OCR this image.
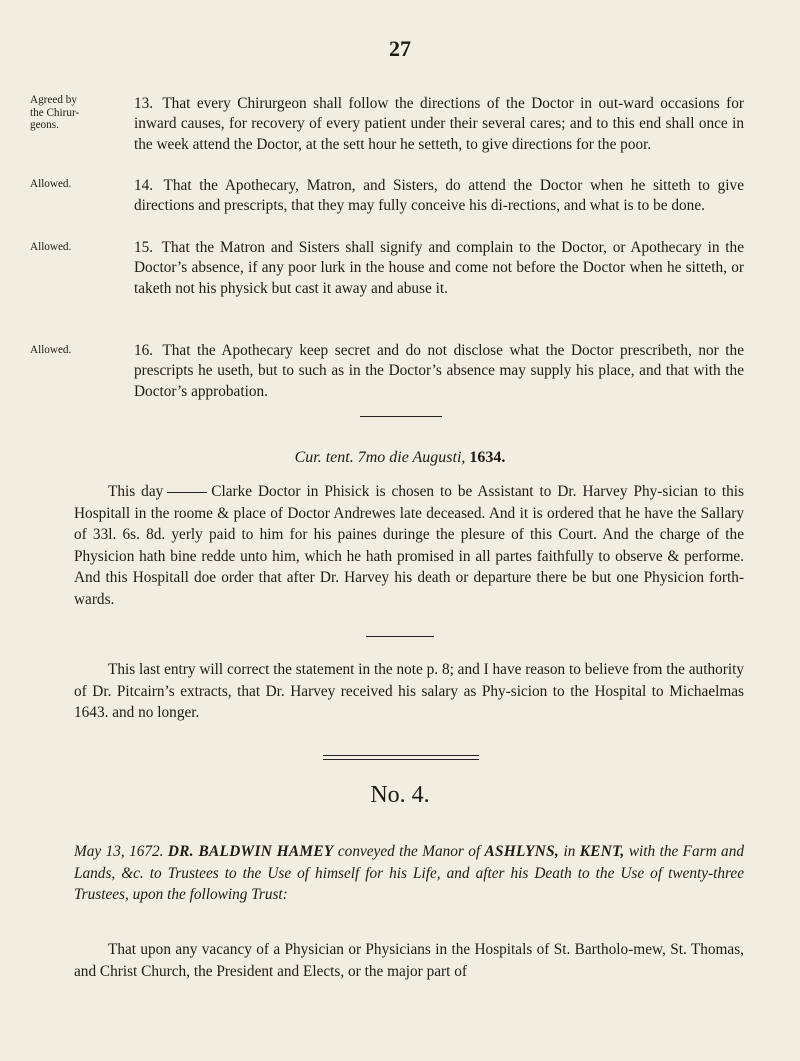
27
Agreed by the Chirur-geons.
13. That every Chirurgeon shall follow the directions of the Doctor in out-ward occasions for inward causes, for recovery of every patient under their several cares; and to this end shall once in the week attend the Doctor, at the sett hour he setteth, to give directions for the poor.
Allowed.	14. That the Apothecary, Matron, and Sisters, do attend the Doctor when he sitteth to give directions and prescripts, that they may fully conceive his di-rections, and what is to be done.
Allowed.	15. That the Matron and Sisters shall signify and complain to the Doctor, or Apothecary in the Doctor’s absence, if any poor lurk in the house and come not before the Doctor when he sitteth, or taketh not his physick but cast it away and abuse it.
Allowed.	16. That the Apothecary keep secret and do not disclose what the Doctor prescribeth, nor the prescripts he useth, but to such as in the Doctor’s absence may supply his place, and that with the Doctor’s approbation.
Cur. tent. 7mo die Augusti, 1634.
This day	Clarke Doctor in Phisick is chosen to be Assistant to Dr. Harvey Phy-sician to this Hospitall in the roome & place of Doctor Andrewes late deceased. And it is ordered that he have the Sallary of 33l. 6s. 8d. yerly paid to him for his paines duringe the plesure of this Court. And the charge of the Physicion hath bine redde unto him, which he hath promised in all partes faithfully to observe & performe. And this Hospitall doe order that after Dr. Harvey his death or departure there be but one Physicion forth-wards.
This last entry will correct the statement in the note p. 8; and I have reason to believe from the authority of Dr. Pitcairn’s extracts, that Dr. Harvey received his salary as Phy-sicion to the Hospital to Michaelmas 1643. and no longer.
No. 4.
May 13, 1672. DR. BALDWIN HAMEY conveyed the Manor of ASHLYNS, in KENT, with the Farm and Lands, &c. to Trustees to the Use of himself for his Life, and after his Death to the Use of twenty-three Trustees, upon the following Trust:
That upon any vacancy of a Physician or Physicians in the Hospitals of St. Bartholo-mew, St. Thomas, and Christ Church, the President and Elects, or the major part of
